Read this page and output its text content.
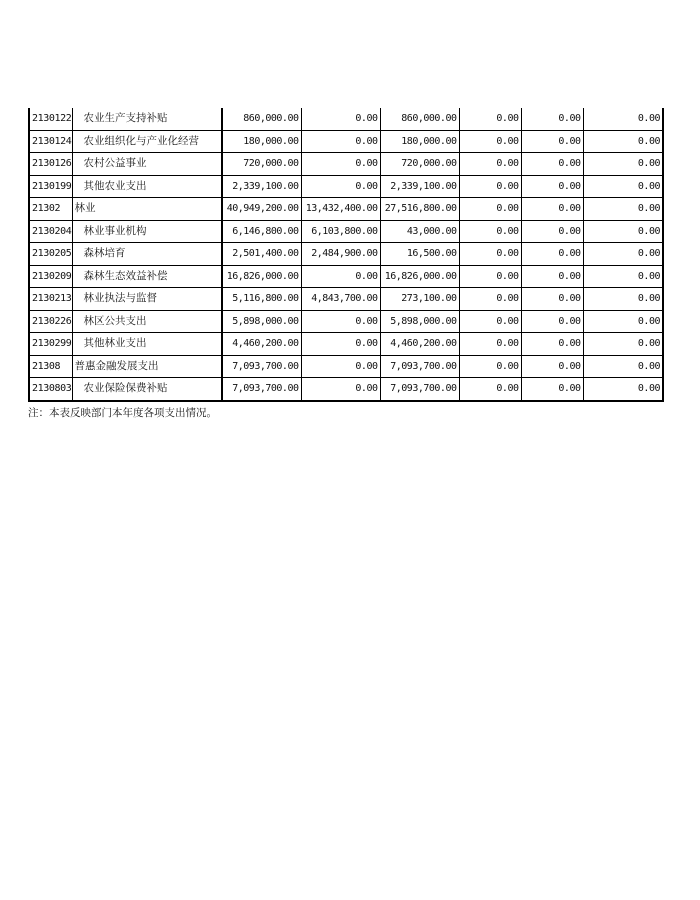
2130122	农业生产支持补贴	860,000.00	0.00	860,000.00	0.00	0.00	0.00
2130124	农业组织化与产业化经营	180,000.00	0.00	180,000.00	0.00	0.00	0.00
2130126	农村公益事业	720,000.00	0.00	720,000.00	0.00	0.00	0.00
2130199	其他农业支出	2,339,100.00	0.00	2,339,100.00	0.00	0.00	0.00
21302	林业	40,949,200.00	13,432,400.00	27,516,800.00	0.00	0.00	0.00
2130204	林业事业机构	6,146,800.00	6,103,800.00	43,000.00	0.00	0.00	0.00
2130205	森林培育	2,501,400.00	2,484,900.00	16,500.00	0.00	0.00	0.00
2130209	森林生态效益补偿	16,826,000.00	0.00	16,826,000.00	0.00	0.00	0.00
2130213	林业执法与监督	5,116,800.00	4,843,700.00	273,100.00	0.00	0.00	0.00
2130226	林区公共支出	5,898,000.00	0.00	5,898,000.00	0.00	0.00	0.00
2130299	其他林业支出	4,460,200.00	0.00	4,460,200.00	0.00	0.00	0.00
21308	普惠金融发展支出	7,093,700.00	0.00	7,093,700.00	0.00	0.00	0.00
2130803	农业保险保费补贴	7,093,700.00	0.00	7,093,700.00	0.00	0.00	0.00
注：本表反映部门本年度各项支出情况。
